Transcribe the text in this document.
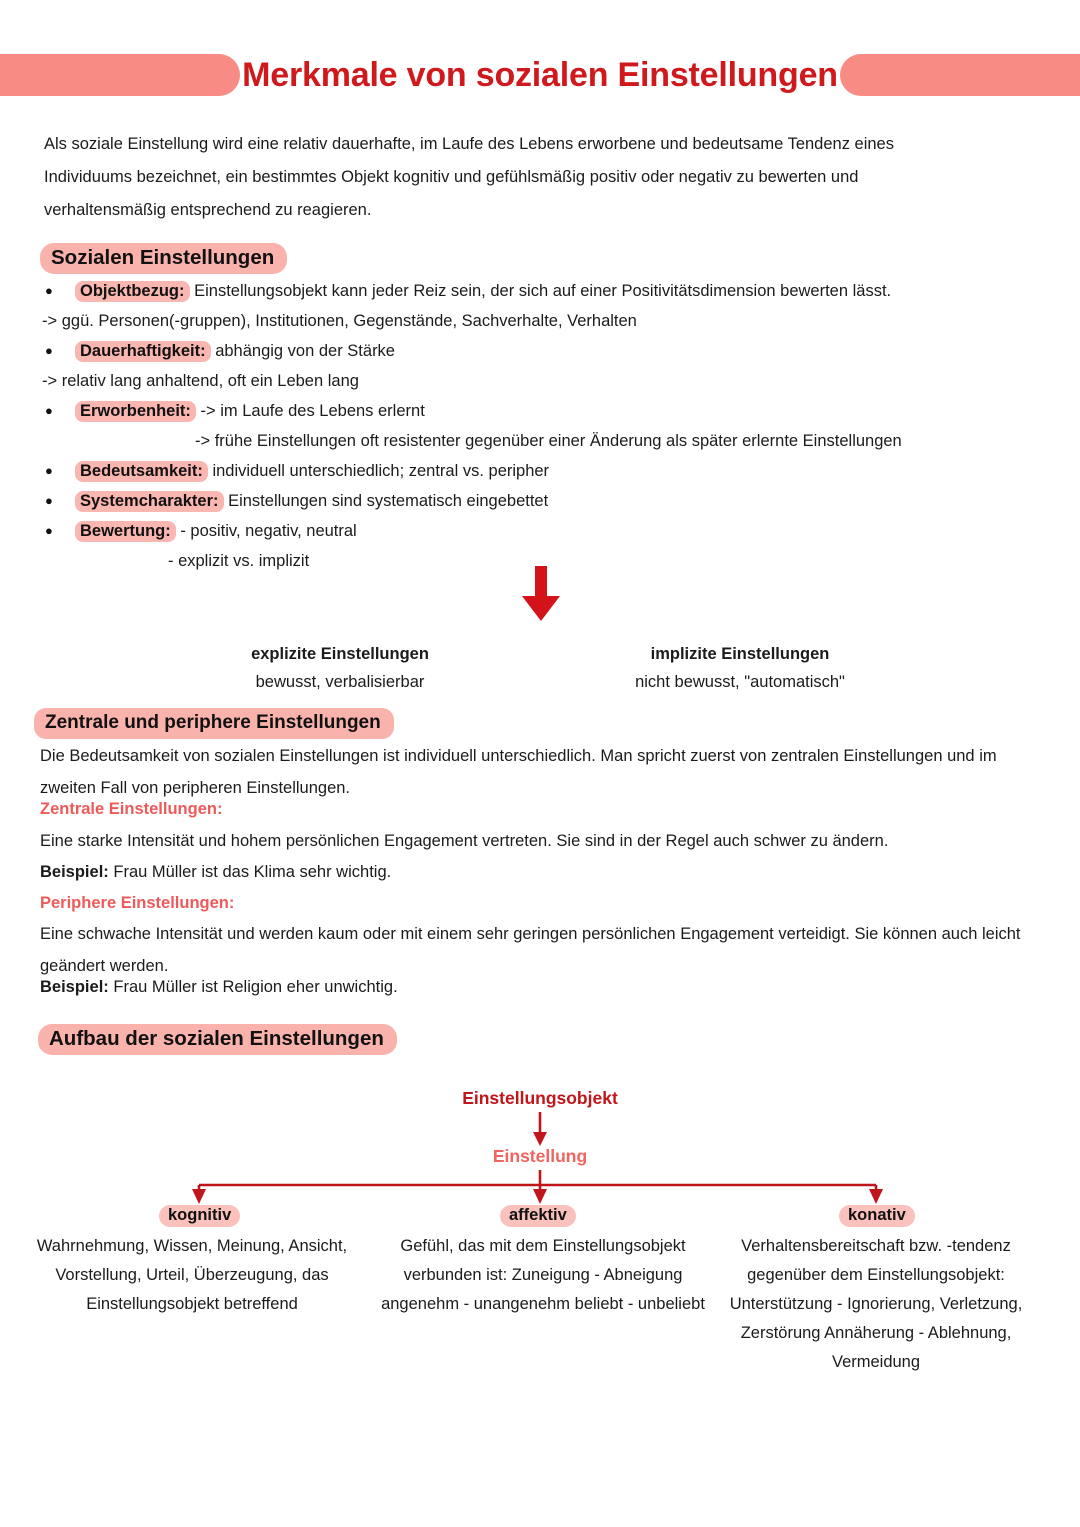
Merkmale von sozialen Einstellungen
Als soziale Einstellung wird eine relativ dauerhafte, im Laufe des Lebens erworbene und bedeutsame Tendenz eines Individuums bezeichnet, ein bestimmtes Objekt kognitiv und gefühlsmäßig positiv oder negativ zu bewerten und verhaltensmäßig entsprechend zu reagieren.
Sozialen Einstellungen
●
Objektbezug: Einstellungsobjekt kann jeder Reiz sein, der sich auf einer Positivitätsdimension bewerten lässt.
-> ggü. Personen(-gruppen), Institutionen, Gegenstände, Sachverhalte, Verhalten
●
Dauerhaftigkeit: abhängig von der Stärke
-> relativ lang anhaltend, oft ein Leben lang
●
Erworbenheit: -> im Laufe des Lebens erlernt
-> frühe Einstellungen oft resistenter gegenüber einer Änderung als später erlernte Einstellungen
●
Bedeutsamkeit: individuell unterschiedlich; zentral vs. peripher
●
Systemcharakter: Einstellungen sind systematisch eingebettet
●
Bewertung: - positiv, negativ, neutral
- explizit vs. implizit
explizite Einstellungen
bewusst, verbalisierbar
implizite Einstellungen
nicht bewusst, "automatisch"
Zentrale und periphere Einstellungen
Die Bedeutsamkeit von sozialen Einstellungen ist individuell unterschiedlich. Man spricht zuerst von zentralen Einstellungen und im zweiten Fall von peripheren Einstellungen.
Zentrale Einstellungen:
Eine starke Intensität und hohem persönlichen Engagement vertreten. Sie sind in der Regel auch schwer zu ändern.
Beispiel: Frau Müller ist das Klima sehr wichtig.
Periphere Einstellungen:
Eine schwache Intensität und werden kaum oder mit einem sehr geringen persönlichen Engagement verteidigt. Sie können auch leicht geändert werden.
Beispiel: Frau Müller ist Religion eher unwichtig.
Aufbau der sozialen Einstellungen
Einstellungsobjekt
Einstellung
kognitiv	affektiv	konativ
Wahrnehmung, Wissen, Meinung, Ansicht, Vorstellung, Urteil, Überzeugung, das Einstellungsobjekt betreffend
Gefühl, das mit dem Einstellungsobjekt verbunden ist: Zuneigung - Abneigung angenehm - unangenehm beliebt - unbeliebt
Verhaltensbereitschaft bzw. -tendenz gegenüber dem Einstellungsobjekt: Unterstützung - Ignorierung, Verletzung, Zerstörung Annäherung - Ablehnung, Vermeidung
